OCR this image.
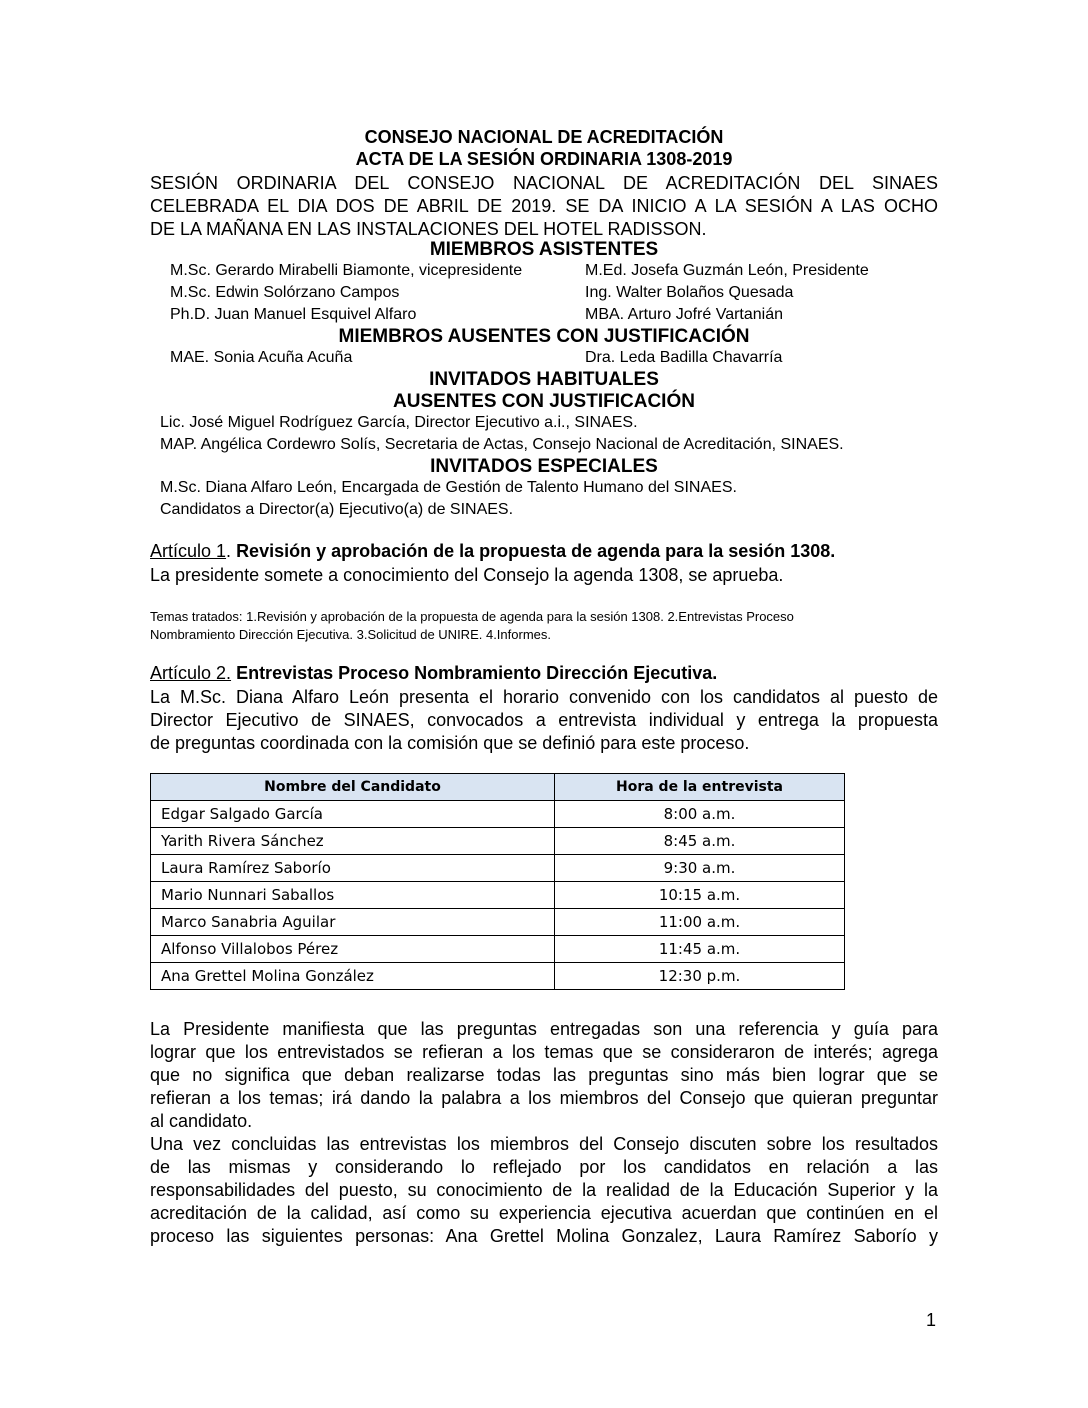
CONSEJO NACIONAL DE ACREDITACIÓN
ACTA DE LA SESIÓN ORDINARIA 1308-2019
SESIÓN ORDINARIA DEL CONSEJO NACIONAL DE ACREDITACIÓN DEL SINAES
CELEBRADA EL DIA DOS DE ABRIL DE 2019. SE DA INICIO A LA SESIÓN A LAS OCHO
DE LA MAÑANA EN LAS INSTALACIONES DEL HOTEL RADISSON.
MIEMBROS ASISTENTES
M.Sc. Gerardo Mirabelli Biamonte, vicepresidente	M.Ed. Josefa Guzmán León, Presidente
M.Sc. Edwin Solórzano Campos	Ing. Walter Bolaños Quesada
Ph.D. Juan Manuel Esquivel Alfaro	MBA. Arturo Jofré Vartanián
MIEMBROS AUSENTES CON JUSTIFICACIÓN
MAE. Sonia Acuña Acuña	Dra. Leda Badilla Chavarría
INVITADOS HABITUALES
AUSENTES CON JUSTIFICACIÓN
Lic. José Miguel Rodríguez García, Director Ejecutivo a.i., SINAES.
MAP. Angélica Cordewro Solís, Secretaria de Actas, Consejo Nacional de Acreditación, SINAES.
INVITADOS ESPECIALES
M.Sc. Diana Alfaro León, Encargada de Gestión de Talento Humano del SINAES.
Candidatos a Director(a) Ejecutivo(a) de SINAES.
Artículo 1. Revisión y aprobación de la propuesta de agenda para la sesión 1308.
La presidente somete a conocimiento del Consejo la agenda 1308, se aprueba.
Temas tratados: 1.Revisión y aprobación de la propuesta de agenda para la sesión 1308. 2.Entrevistas Proceso
Nombramiento Dirección Ejecutiva. 3.Solicitud de UNIRE. 4.Informes.
Artículo 2. Entrevistas Proceso Nombramiento Dirección Ejecutiva.
La M.Sc. Diana Alfaro León presenta el horario convenido con los candidatos al puesto de
Director Ejecutivo de SINAES, convocados a entrevista individual y entrega la propuesta
de preguntas coordinada con la comisión que se definió para este proceso.
Nombre del Candidato	Hora de la entrevista
Edgar Salgado García	8:00 a.m.
Yarith Rivera Sánchez	8:45 a.m.
Laura Ramírez Saborío	9:30 a.m.
Mario Nunnari Saballos	10:15 a.m.
Marco Sanabria Aguilar	11:00 a.m.
Alfonso Villalobos Pérez	11:45 a.m.
Ana Grettel Molina González	12:30 p.m.
La Presidente manifiesta que las preguntas entregadas son una referencia y guía para
lograr que los entrevistados se refieran a los temas que se consideraron de interés; agrega
que no significa que deban realizarse todas las preguntas sino más bien lograr que se
refieran a los temas; irá dando la palabra a los miembros del Consejo que quieran preguntar
al candidato.
Una vez concluidas las entrevistas los miembros del Consejo discuten sobre los resultados
de las mismas y considerando lo reflejado por los candidatos en relación a las
responsabilidades del puesto, su conocimiento de la realidad de la Educación Superior y la
acreditación de la calidad, así como su experiencia ejecutiva acuerdan que continúen en el
proceso las siguientes personas: Ana Grettel Molina Gonzalez, Laura Ramírez Saborío y
1
